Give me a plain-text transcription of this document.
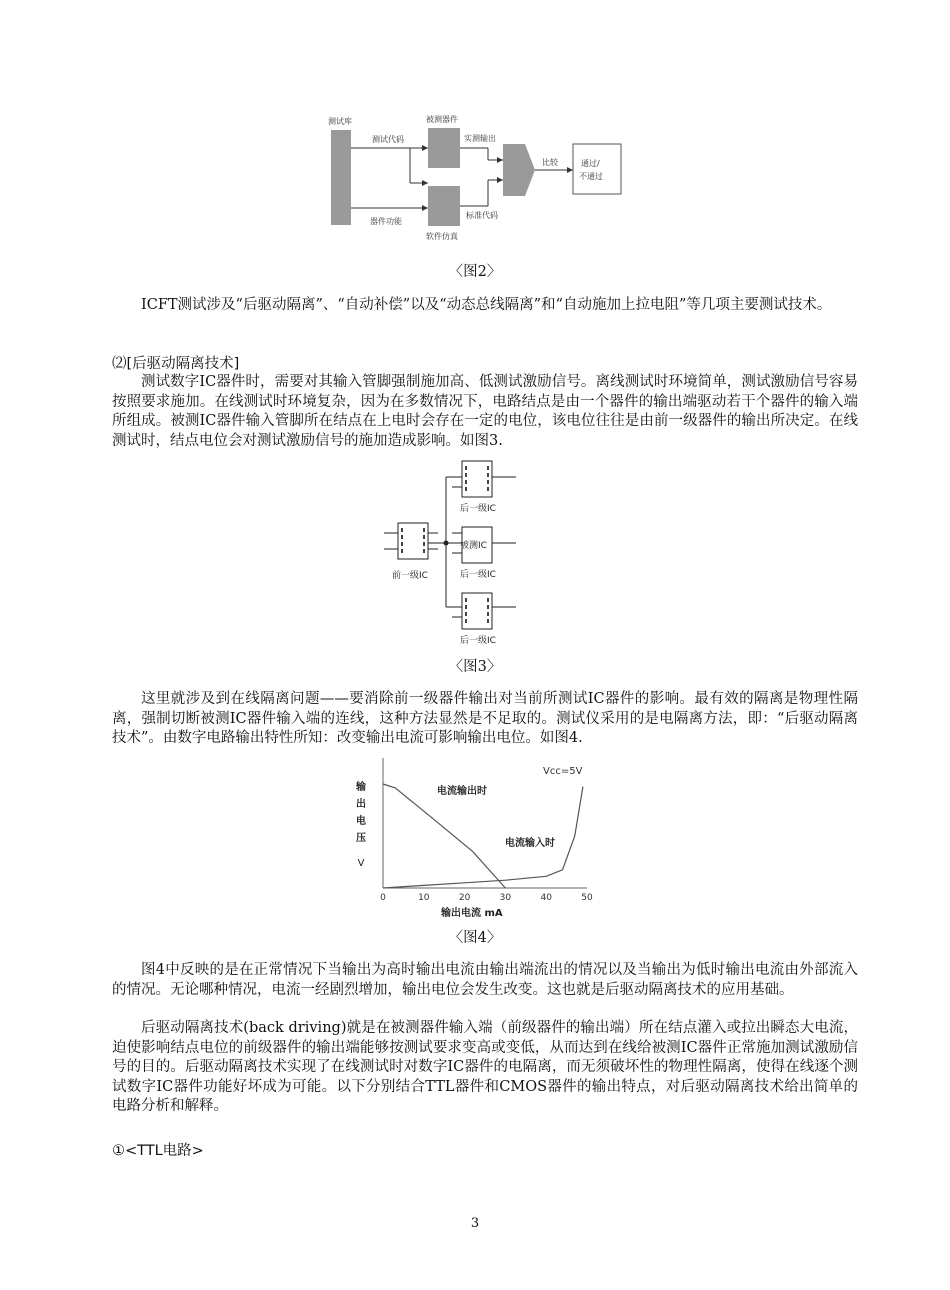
测试库	被测器件
软件仿真
测试代码
器件功能
实测输出
标准代码
比较	通过/
不通过
〈图2〉

ICFT测试涉及“后驱动隔离”、“自动补偿”以及“动态总线隔离”和“自动施加上拉电阻”等几项主要测试技术。

⑵[后驱动隔离技术]

测试数字IC器件时，需要对其输入管脚强制施加高、低测试激励信号。离线测试时环境简单，测试激励信号容易按照要求施加。在线测试时环境复杂，因为在多数情况下，电路结点是由一个器件的输出端驱动若干个器件的输入端所组成。被测IC器件输入管脚所在结点在上电时会存在一定的电位，该电位往往是由前一级器件的输出所决定。在线测试时，结点电位会对测试激励信号的施加造成影响。如图3.

前一级IC
后一级IC
被测IC
后一级IC
后一级IC
〈图3〉

这里就涉及到在线隔离问题——要消除前一级器件输出对当前所测试IC器件的影响。最有效的隔离是物理性隔离，强制切断被测IC器件输入端的连线，这种方法显然是不足取的。测试仪采用的是电隔离方法，即：“后驱动隔离技术”。由数字电路输出特性所知：改变输出电流可影响输出电位。如图4.

输
出
电
压
V
0	10	20	30	40	50
Vcc=5V
电流输出时
电流输入时
输出电流 mA
〈图4〉

图4中反映的是在正常情况下当输出为高时输出电流由输出端流出的情况以及当输出为低时输出电流由外部流入的情况。无论哪种情况，电流一经剧烈增加，输出电位会发生改变。这也就是后驱动隔离技术的应用基础。

后驱动隔离技术(back driving)就是在被测器件输入端（前级器件的输出端）所在结点灌入或拉出瞬态大电流，迫使影响结点电位的前级器件的输出端能够按测试要求变高或变低，从而达到在线给被测IC器件正常施加测试激励信号的目的。后驱动隔离技术实现了在线测试时对数字IC器件的电隔离，而无须破坏性的物理性隔离，使得在线逐个测试数字IC器件功能好坏成为可能。以下分别结合TTL器件和CMOS器件的输出特点，对后驱动隔离技术给出简单的电路分析和解释。

①<TTL电路>
3
